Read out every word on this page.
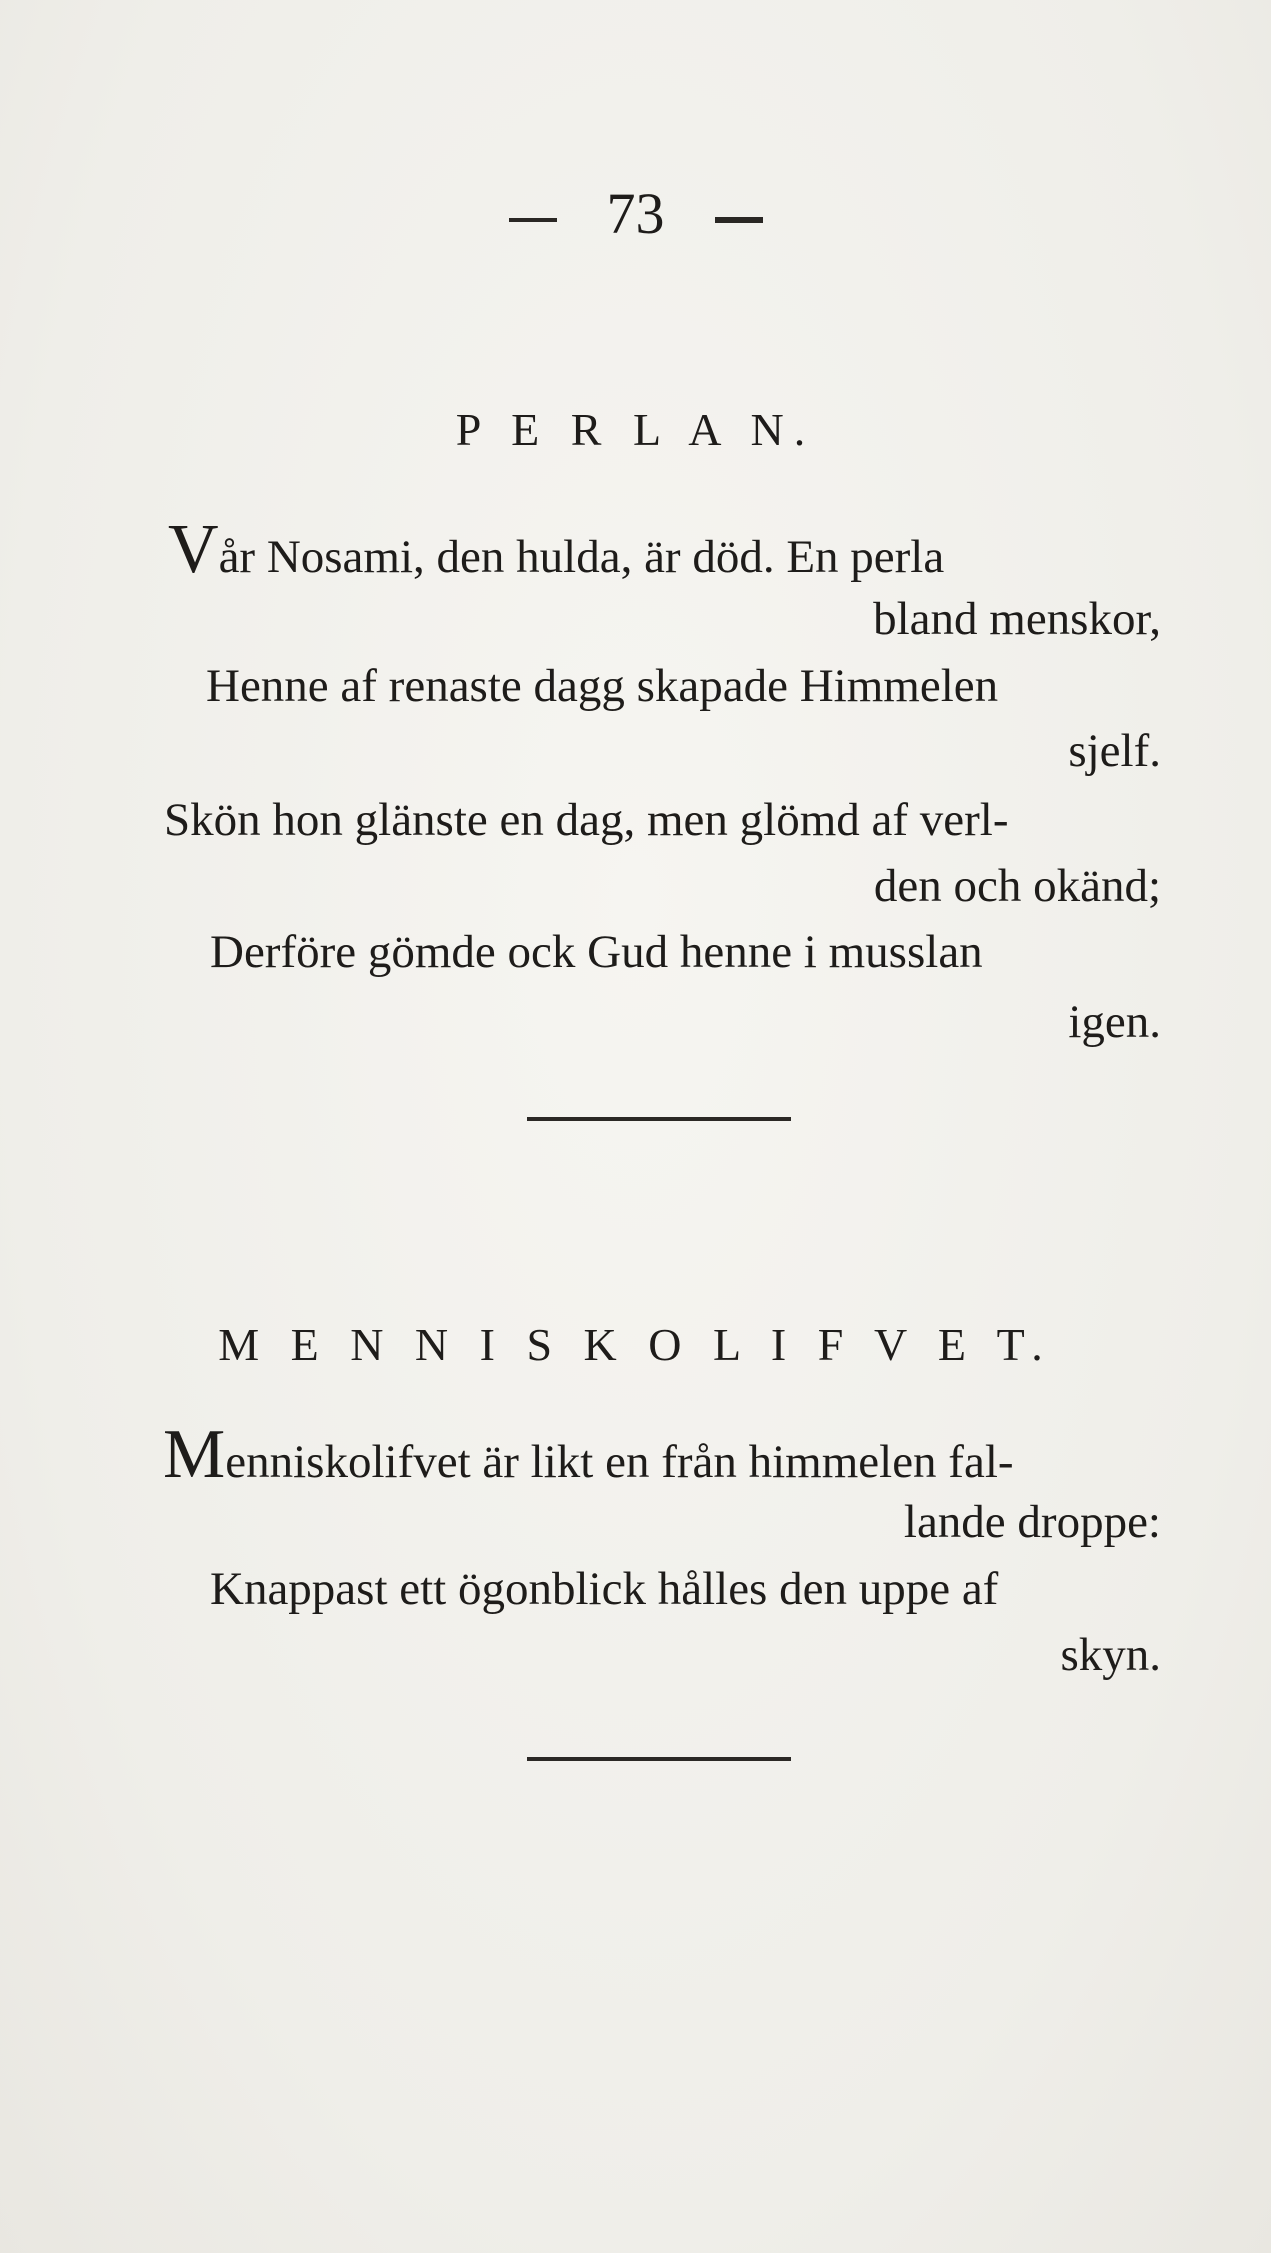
73
P E R L A N.
Vår Nosami, den hulda, är död. En perla
bland menskor,
Henne af renaste dagg skapade Himmelen
sjelf.
Skön hon glänste en dag, men glömd af verl-
den och okänd;
Derföre gömde ock Gud henne i musslan
igen.
M E N N I S K O L I F V E T.
Menniskolifvet är likt en från himmelen fal-
lande droppe:
Knappast ett ögonblick hålles den uppe af
skyn.
